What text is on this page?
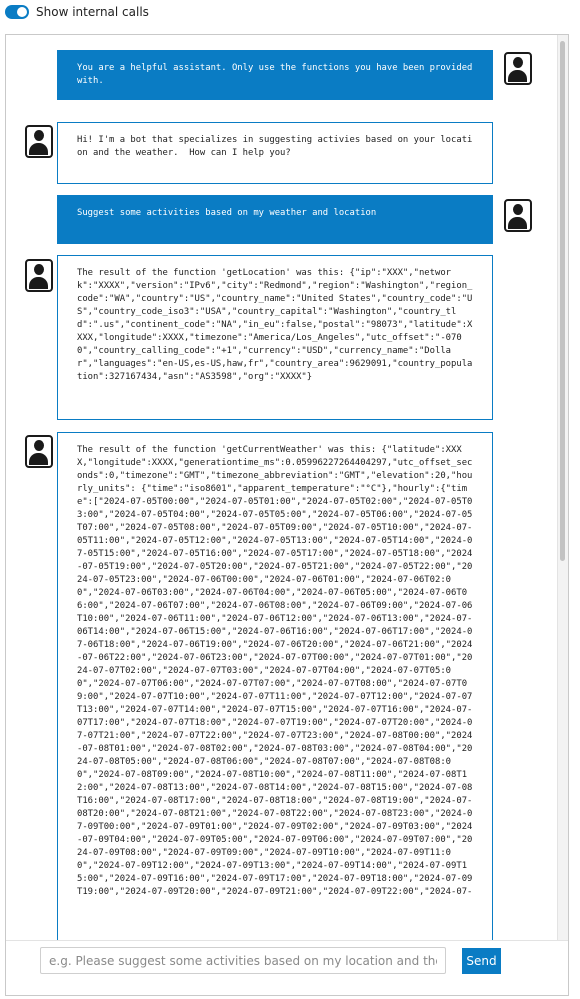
Show internal calls
You are a helpful assistant. Only use the functions you have been provided with.
Hi! I'm a bot that specializes in suggesting activies based on your location and the weather.  How can I help you?
Suggest some activities based on my weather and location
The result of the function 'getLocation' was this: {"ip":"XXX","network":"XXXX","version":"IPv6","city":"Redmond","region":"Washington","region_code":"WA","country":"US","country_name":"United States","country_code":"US","country_code_iso3":"USA","country_capital":"Washington","country_tld":".us","continent_code":"NA","in_eu":false,"postal":"98073","latitude":XXXX,"longitude":XXXX,"timezone":"America/Los_Angeles","utc_offset":"-0700","country_calling_code":"+1","currency":"USD","currency_name":"Dollar","languages":"en-US,es-US,haw,fr","country_area":9629091,"country_population":327167434,"asn":"AS3598","org":"XXXX"}
The result of the function 'getCurrentWeather' was this: {"latitude":XXXX,"longitude":XXXX,"generationtime_ms":0.05996227264404297,"utc_offset_seconds":0,"timezone":"GMT","timezone_abbreviation":"GMT","elevation":20,"hourly_units": {"time":"iso8601","apparent_temperature":"°C"},"hourly":{"time":["2024-07-05T00:00","2024-07-05T01:00","2024-07-05T02:00","2024-07-05T03:00","2024-07-05T04:00","2024-07-05T05:00","2024-07-05T06:00","2024-07-05T07:00","2024-07-05T08:00","2024-07-05T09:00","2024-07-05T10:00","2024-07-05T11:00","2024-07-05T12:00","2024-07-05T13:00","2024-07-05T14:00","2024-07-05T15:00","2024-07-05T16:00","2024-07-05T17:00","2024-07-05T18:00","2024-07-05T19:00","2024-07-05T20:00","2024-07-05T21:00","2024-07-05T22:00","2024-07-05T23:00","2024-07-06T00:00","2024-07-06T01:00","2024-07-06T02:00","2024-07-06T03:00","2024-07-06T04:00","2024-07-06T05:00","2024-07-06T06:00","2024-07-06T07:00","2024-07-06T08:00","2024-07-06T09:00","2024-07-06T10:00","2024-07-06T11:00","2024-07-06T12:00","2024-07-06T13:00","2024-07-06T14:00","2024-07-06T15:00","2024-07-06T16:00","2024-07-06T17:00","2024-07-06T18:00","2024-07-06T19:00","2024-07-06T20:00","2024-07-06T21:00","2024-07-06T22:00","2024-07-06T23:00","2024-07-07T00:00","2024-07-07T01:00","2024-07-07T02:00","2024-07-07T03:00","2024-07-07T04:00","2024-07-07T05:00","2024-07-07T06:00","2024-07-07T07:00","2024-07-07T08:00","2024-07-07T09:00","2024-07-07T10:00","2024-07-07T11:00","2024-07-07T12:00","2024-07-07T13:00","2024-07-07T14:00","2024-07-07T15:00","2024-07-07T16:00","2024-07-07T17:00","2024-07-07T18:00","2024-07-07T19:00","2024-07-07T20:00","2024-07-07T21:00","2024-07-07T22:00","2024-07-07T23:00","2024-07-08T00:00","2024-07-08T01:00","2024-07-08T02:00","2024-07-08T03:00","2024-07-08T04:00","2024-07-08T05:00","2024-07-08T06:00","2024-07-08T07:00","2024-07-08T08:00","2024-07-08T09:00","2024-07-08T10:00","2024-07-08T11:00","2024-07-08T12:00","2024-07-08T13:00","2024-07-08T14:00","2024-07-08T15:00","2024-07-08T16:00","2024-07-08T17:00","2024-07-08T18:00","2024-07-08T19:00","2024-07-08T20:00","2024-07-08T21:00","2024-07-08T22:00","2024-07-08T23:00","2024-07-09T00:00","2024-07-09T01:00","2024-07-09T02:00","2024-07-09T03:00","2024-07-09T04:00","2024-07-09T05:00","2024-07-09T06:00","2024-07-09T07:00","2024-07-09T08:00","2024-07-09T09:00","2024-07-09T10:00","2024-07-09T11:00","2024-07-09T12:00","2024-07-09T13:00","2024-07-09T14:00","2024-07-09T15:00","2024-07-09T16:00","2024-07-09T17:00","2024-07-09T18:00","2024-07-09T19:00","2024-07-09T20:00","2024-07-09T21:00","2024-07-09T22:00","2024-07-
e.g. Please suggest some activities based on my location and the weather.
Send
